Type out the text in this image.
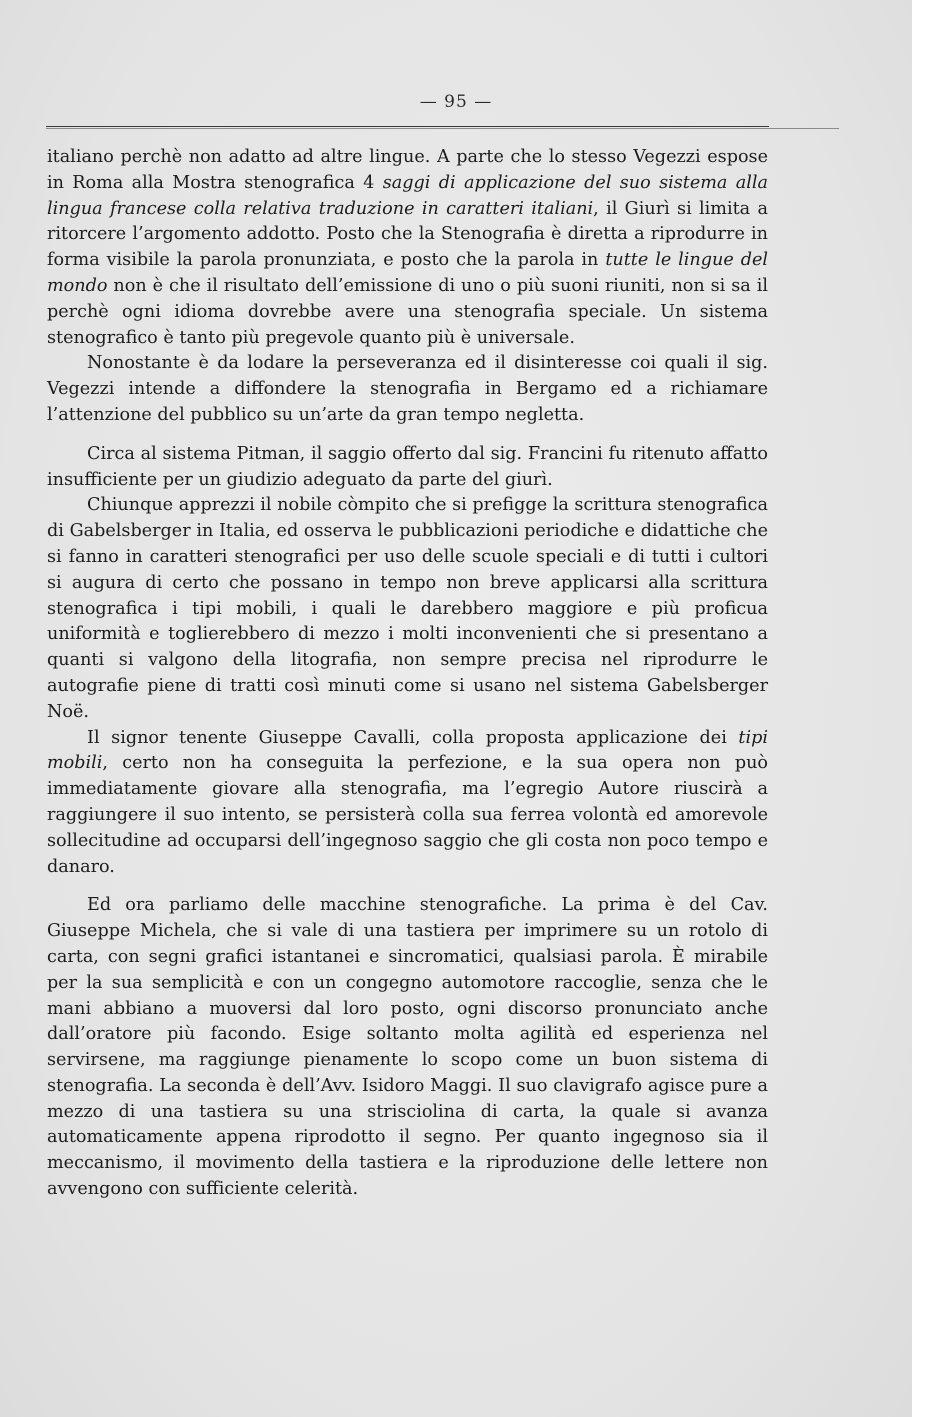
— 95 —

italiano perchè non adatto ad altre lingue. A parte che lo stesso Vegezzi espose in Roma alla Mostra stenografica 4 saggi di applicazione del suo sistema alla lingua francese colla relativa traduzione in caratteri italiani, il Giurì si limita a ritorcere l’argomento addotto. Posto che la Stenografia è diretta a riprodurre in forma visibile la parola pronunziata, e posto che la parola in tutte le lingue del mondo non è che il risultato dell’emissione di uno o più suoni riuniti, non si sa il perchè ogni idioma dovrebbe avere una stenografia speciale. Un sistema stenografico è tanto più pregevole quanto più è universale.

Nonostante è da lodare la perseveranza ed il disinteresse coi quali il sig. Vegezzi intende a diffondere la stenografia in Bergamo ed a richiamare l’attenzione del pubblico su un’arte da gran tempo negletta.

Circa al sistema Pitman, il saggio offerto dal sig. Francini fu ritenuto affatto insufficiente per un giudizio adeguato da parte del giurì.

Chiunque apprezzi il nobile còmpito che si prefigge la scrittura stenografica di Gabelsberger in Italia, ed osserva le pubblicazioni periodiche e didattiche che si fanno in caratteri stenografici per uso delle scuole speciali e di tutti i cultori si augura di certo che possano in tempo non breve applicarsi alla scrittura stenografica i tipi mobili, i quali le darebbero maggiore e più proficua uniformità e toglierebbero di mezzo i molti inconvenienti che si presentano a quanti si valgono della litografia, non sempre precisa nel riprodurre le autografie piene di tratti così minuti come si usano nel sistema Gabelsberger Noë.

Il signor tenente Giuseppe Cavalli, colla proposta applicazione dei tipi mobili, certo non ha conseguita la perfezione, e la sua opera non può immediatamente giovare alla stenografia, ma l’egregio Autore riuscirà a raggiungere il suo intento, se persisterà colla sua ferrea volontà ed amorevole sollecitudine ad occuparsi dell’ingegnoso saggio che gli costa non poco tempo e danaro.

Ed ora parliamo delle macchine stenografiche. La prima è del Cav. Giuseppe Michela, che si vale di una tastiera per imprimere su un rotolo di carta, con segni grafici istantanei e sincromatici, qualsiasi parola. È mirabile per la sua semplicità e con un congegno automotore raccoglie, senza che le mani abbiano a muoversi dal loro posto, ogni discorso pronunciato anche dall’oratore più facondo. Esige soltanto molta agilità ed esperienza nel servirsene, ma raggiunge pienamente lo scopo come un buon sistema di stenografia. La seconda è dell’Avv. Isidoro Maggi. Il suo clavigrafo agisce pure a mezzo di una tastiera su una strisciolina di carta, la quale si avanza automaticamente appena riprodotto il segno. Per quanto ingegnoso sia il meccanismo, il movimento della tastiera e la riproduzione delle lettere non avvengono con sufficiente celerità.
